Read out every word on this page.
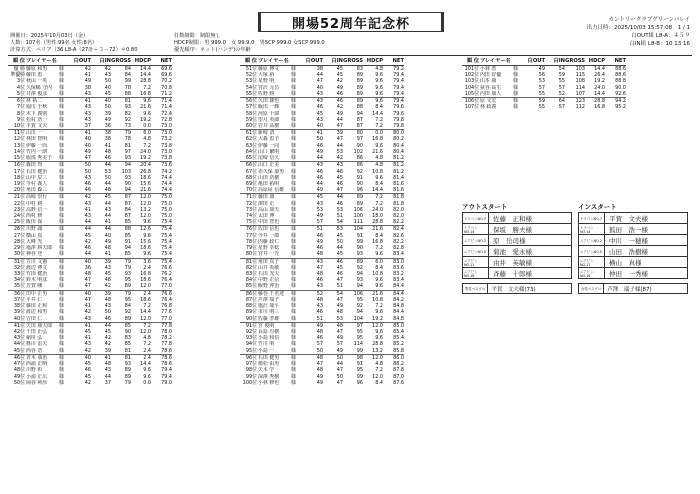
開場52周年記念杯	カントリークラブグリーンバレイ
出力日時：2025/10/03 15:57:08　1 / 1
白OUT組 L8-A：４５９
白IN組 L8-B：10 13 16
開催日：2025年10月03日（金）
人数：107名（男性:99名 女性:8名）
計算方式：ペリア（36 L8-A（27計＋３－72）＊0.80
打数制限：制限無し
HDCP制限：男 999.0　女 99.9.0　男SCP 999.0 女SCP 999.0
優先順序：ネット(ハンデ)の年齢
順 位 プレイヤー名	白OUT	白IN GROSS HDCP	NET
優 勝 藤原 和男	様	42	42	84	14.4	69.6
準優勝 藤田 恵	様	41	43	84	14.4	69.6
3位 秋山 一英	様	49	50	99	28.8	70.2
4位 久保嶋 守内	様	38	40	78	7.2	70.8
5位 井澤 俊彦	様	43	45	88	16.8	71.2
6位 林 拓二	様	41	40	81	9.6	71.4
7位 堀川 千秋	様	43	50	93	21.6	71.4
8位 木下 義則	様	43	39	82	9.6	72.4
9位 松村 浩一	様	43	49	92	19.2	72.8
10位 平賀 文夫	様	37	36	73	0.0	73.0
11位 山川 一	様	41	38	79	6.0	73.0
12位 林田 智明	様	40	38	78	4.8	73.2
13位 伊藤 一尚	様	40	41	81	7.2	73.8
14位 竹内 一朗	様	49	48	97	24.0	73.0
15位 服部 秀美子	様	47	46	93	19.2	73.8
16位 森田 均	様	50	44	94	20.4	73.6
17位 石田 健治	様	50	53	103	26.8	74.2
18位 山中 辰三	様	43	50	93	18.6	74.4
19位 今村 義人	様	46	44	90	15.6	74.4
20位 角田 森三	様	46	48	94	21.6	74.4
21位 高崎 崇行	様	42	45	87	12.0	75.0
22位 中村 耕	様	43	44	87	12.0	75.0
23位 高野 信一	様	41	43	84	13.2	75.0
24位 西村 修	様	43	44	87	12.0	75.0
25位 飯田 保	様	44	41	85	9.6	75.4
26位 川野 誠	様	44	44	88	12.6	75.4
27位 横山 真	様	45	40	85	9.6	75.4
28位 大峰 光	様	42	49	91	15.6	75.4
29位 塩澤 勝夫郎	様	46	48	94	18.6	75.4
30位 神谷 登	様	44	41	85	9.6	75.4
31位 笠川 文憲	様	40	39	79	3.6	75.4
32位 渡辺 博文	様	36	43	79	2.4	76.6
33位 竹田 健治	様	48	45	93	16.8	76.2
34位 鈴木 明彦	様	47	48	95	18.6	76.4
35位 芳賀 剛	様	47	42	89	12.0	77.0
36位 田中 正男	様	40	39	79	2.4	76.6
37位 平井 仁	様	47	48	95	18.6	76.4
38位 藤田 正和	様	41	43	84	7.2	76.8
39位 渡辺 和男	様	42	50	92	14.4	77.6
40位 吉田 仁	様	43	46	89	12.0	77.0
41位 矢田 康夫郎	様	41	44	85	7.2	77.8
42位 千田 正弘	様	45	45	90	12.0	78.0
43位 稲垣 弘	様	41	42	83	4.8	78.2
44位 篠川 雷夫	様	43	42	85	7.2	77.8
45位 西谷 浩	様	42	39	81	2.4	78.6
46位 青木 恭治	様	40	41	81	2.4	78.6
47位 西浦 正晴	様	45	48	93	14.4	78.6
48位 川野 彰	様	46	43	89	9.6	79.4
49位 小浦 正広	様	45	44	89	9.6	79.4
50位 岡谷 利厚	様	42	37	79	0.0	79.0
順 位 プレイヤー名	白OUT	白IN GROSS HDCP	NET
51位 藤原 博文	様	38	45	83	4.8	79.2
52位 大塚 裕	様	44	45	89	9.6	79.4
53位 星野 明	様	47	42	89	9.6	79.4
54位 宮沢 元昌	様	40	49	89	9.6	79.4
55位 佐野 勝	様	43	46	89	9.6	79.4
56位 久田 雄也	様	43	46	89	9.6	79.4
57位 飯田 一輝	様	46	42	88	8.4	79.6
58位 河原 十郎	様	45	49	94	14.4	79.6
59位 望月 英郎	様	43	44	87	7.2	79.8
60位 岩井 高樹	様	40	47	87	7.2	79.8
61位 新崎 清	様	41	39	80	0.0	80.0
62位 大森 恵子	様	50	47	97	16.8	80.2
63位 伊藤 一向	様	46	44	90	9.6	80.4
64位 山口 繁明	様	49	53	102	21.6	80.4
65位 尾崎 信久	様	44	42	86	4.8	81.2
66位 山口 正美	様	43	43	86	4.8	81.2
67位 赤久保 康男	様	46	46	92	10.8	81.2
68位 山田 浩樹	様	46	45	91	9.6	81.4
69位 亀田 拓明	様	44	46	90	8.4	81.6
70位 高原屋 信雄	様	49	47	96	14.4	81.6
71位 藤田 康	様	45	44	89	7.2	81.8
72位 澤田 正	様	43	46	89	7.2	81.8
73位 高山 康夫	様	53	53	106	24.0	82.0
74位 太田 博	様	49	51	100	18.0	82.0
75位 中田 智也	様	57	54	111	28.8	82.2
76位 佐田 信也	様	51	53	104	21.6	82.4
77位 今井 一郎	様	46	45	91	8.4	82.6
78位 内藤 政仁	様	49	50	99	16.8	82.2
79位 星野 幸稔	様	46	44	90	7.2	82.8
80位 宮井 一光	様	48	45	93	9.6	83.4
81位 角田 真子	様	43	46	89	6.0	83.0
82位 山井 英敏	様	47	45	92	8.4	83.6
83位 石田 光夫	様	48	46	94	10.8	83.2
84位 中野 正信	様	46	47	93	9.6	83.4
85位 飯野 仲治	様	43	51	94	9.6	84.4
86位 藤巻 千名達	様	52	54	106	21.6	84.4
87位 芦澤 瑞子	様	48	47	95	10.8	84.2
88位 塩沢 康平	様	43	49	92	7.2	84.8
89位 市川 明三	様	46	48	94	9.6	84.4
90位 佐藤 孝雄	様	51	53	104	19.2	84.8
91位 宮 俊明	様	49	48	97	12.0	85.0
92位 長島 有樹	様	48	47	95	9.6	85.4
93位 小島 和信	様	46	49	95	9.6	85.4
94位 竹川 明	様	57	57	114	28.8	85.2
95位 小島 一	様	50	49	99	13.2	85.8
96位 石田 健男	様	48	50	98	12.0	86.0
97位 植松 由男	様	47	44	91	4.8	86.2
98位 矢木 学	様	48	47	95	7.2	87.8
99位 深澤 秀樹	様	49	50	99	12.0	87.0
100位 小林 修也	様	49	47	96	8.4	87.6
順 位 プレイヤー名	白OUT	白IN GROSS HDCP	NET
101位 小林 善	様	49	54	103	14.4	88.6
102位 内田 好優	様	56	59	115	26.4	88.6
103位 山本 康	様	53	55	108	19.2	88.8
104位 荻谷 高生	様	57	57	114	24.0	90.0
105位 内田 康人	様	55	52	107	14.4	92.6
106位 原 文宏	様	59	64	123	28.8	94.2
107位 林 政義	様	55	57	112	16.8	95.2
アウトスタート	インスタート
ドラコンNO.7	佐藤　正和様
ドラコンNO.14	保坂　勝夫様
ニアピンNO.2	原　岳司様
ニアピンNO.5	菊池　愛永様
ニアピンNO.11	由井　英敏様
ニアピンNO.16	斉藤　十郎様
ドラコンNO.7	平賀　文夫様
ドラコンNO.14	狐田　浩一様
ニアピンNO.2	中川　一穂様
ニアピンNO.5	山田　浩樹様
ニアピンNO.11	横山　真様
ニアピンNO.16	仲田　一秀様
男性ベスグロ	平賀　文夫様(73)	女性ベスグロ	芦澤　瑞子様(87)
